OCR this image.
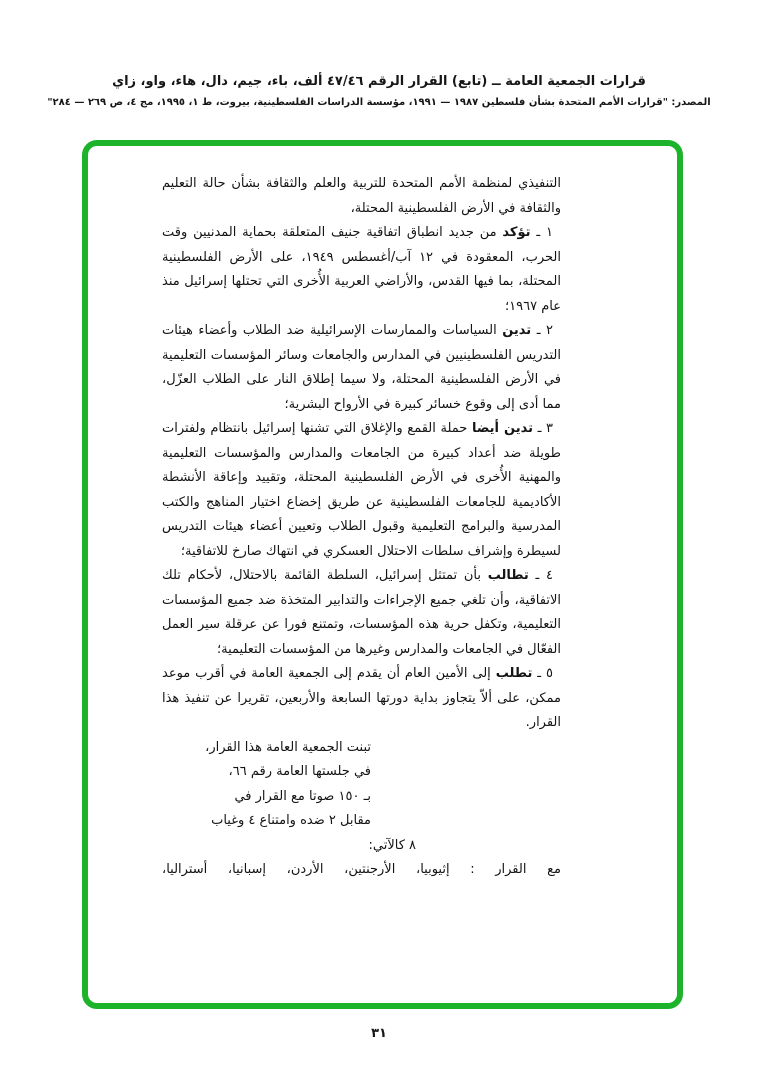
قرارات الجمعية العامة ــ (تابع) القرار الرقم ٤٧/٤٦ ألف، باء، جيم، دال، هاء، واو، زاي
المصدر: "قرارات الأمم المتحدة بشأن فلسطين ١٩٨٧ — ١٩٩١، مؤسسة الدراسات الفلسطينية، بيروت، ط ١، ١٩٩٥، مج ٤، ص ٢٦٩ — ٢٨٤"

التنفيذي لمنظمة الأمم المتحدة للتربية والعلم والثقافة بشأن حالة التعليم والثقافة في الأرض الفلسطينية المحتلة،

١ ـ تؤكد من جديد انطباق اتفاقية جنيف المتعلقة بحماية المدنيين وقت الحرب، المعقودة في ١٢ آب/أغسطس ١٩٤٩، على الأرض الفلسطينية المحتلة، بما فيها القدس، والأراضي العربية الأُخرى التي تحتلها إسرائيل منذ عام ١٩٦٧؛

٢ ـ تدين السياسات والممارسات الإسرائيلية ضد الطلاب وأعضاء هيئات التدريس الفلسطينيين في المدارس والجامعات وسائر المؤسسات التعليمية في الأرض الفلسطينية المحتلة، ولا سيما إطلاق النار على الطلاب العزّل، مما أدى إلى وقوع خسائر كبيرة في الأرواح البشرية؛

٣ ـ تدين أيضا حملة القمع والإغلاق التي تشنها إسرائيل بانتظام ولفترات طويلة ضد أعداد كبيرة من الجامعات والمدارس والمؤسسات التعليمية والمهنية الأُخرى في الأرض الفلسطينية المحتلة، وتقييد وإعاقة الأنشطة الأكاديمية للجامعات الفلسطينية عن طريق إخضاع اختيار المناهج والكتب المدرسية والبرامج التعليمية وقبول الطلاب وتعيين أعضاء هيئات التدريس لسيطرة وإشراف سلطات الاحتلال العسكري في انتهاك صارخ للاتفاقية؛

٤ ـ تطالب بأن تمتثل إسرائيل، السلطة القائمة بالاحتلال، لأحكام تلك الاتفاقية، وأن تلغي جميع الإجراءات والتدابير المتخذة ضد جميع المؤسسات التعليمية، وتكفل حرية هذه المؤسسات، وتمتنع فورا عن عرقلة سير العمل الفعّال في الجامعات والمدارس وغيرها من المؤسسات التعليمية؛

٥ ـ تطلب إلى الأمين العام أن يقدم إلى الجمعية العامة في أقرب موعد ممكن، على ألاّ يتجاوز بداية دورتها السابعة والأربعين، تقريرا عن تنفيذ هذا القرار.

تبنت الجمعية العامة هذا القرار،
في جلستها العامة رقم ٦٦،
بـ ١٥٠ صوتا مع القرار في
مقابل ٢ ضده وامتناع ٤ وغياب
٨ كالآتي:

مع القرار : إثيوبيا، الأرجنتين، الأردن، إسبانيا، أستراليا،

٣١
